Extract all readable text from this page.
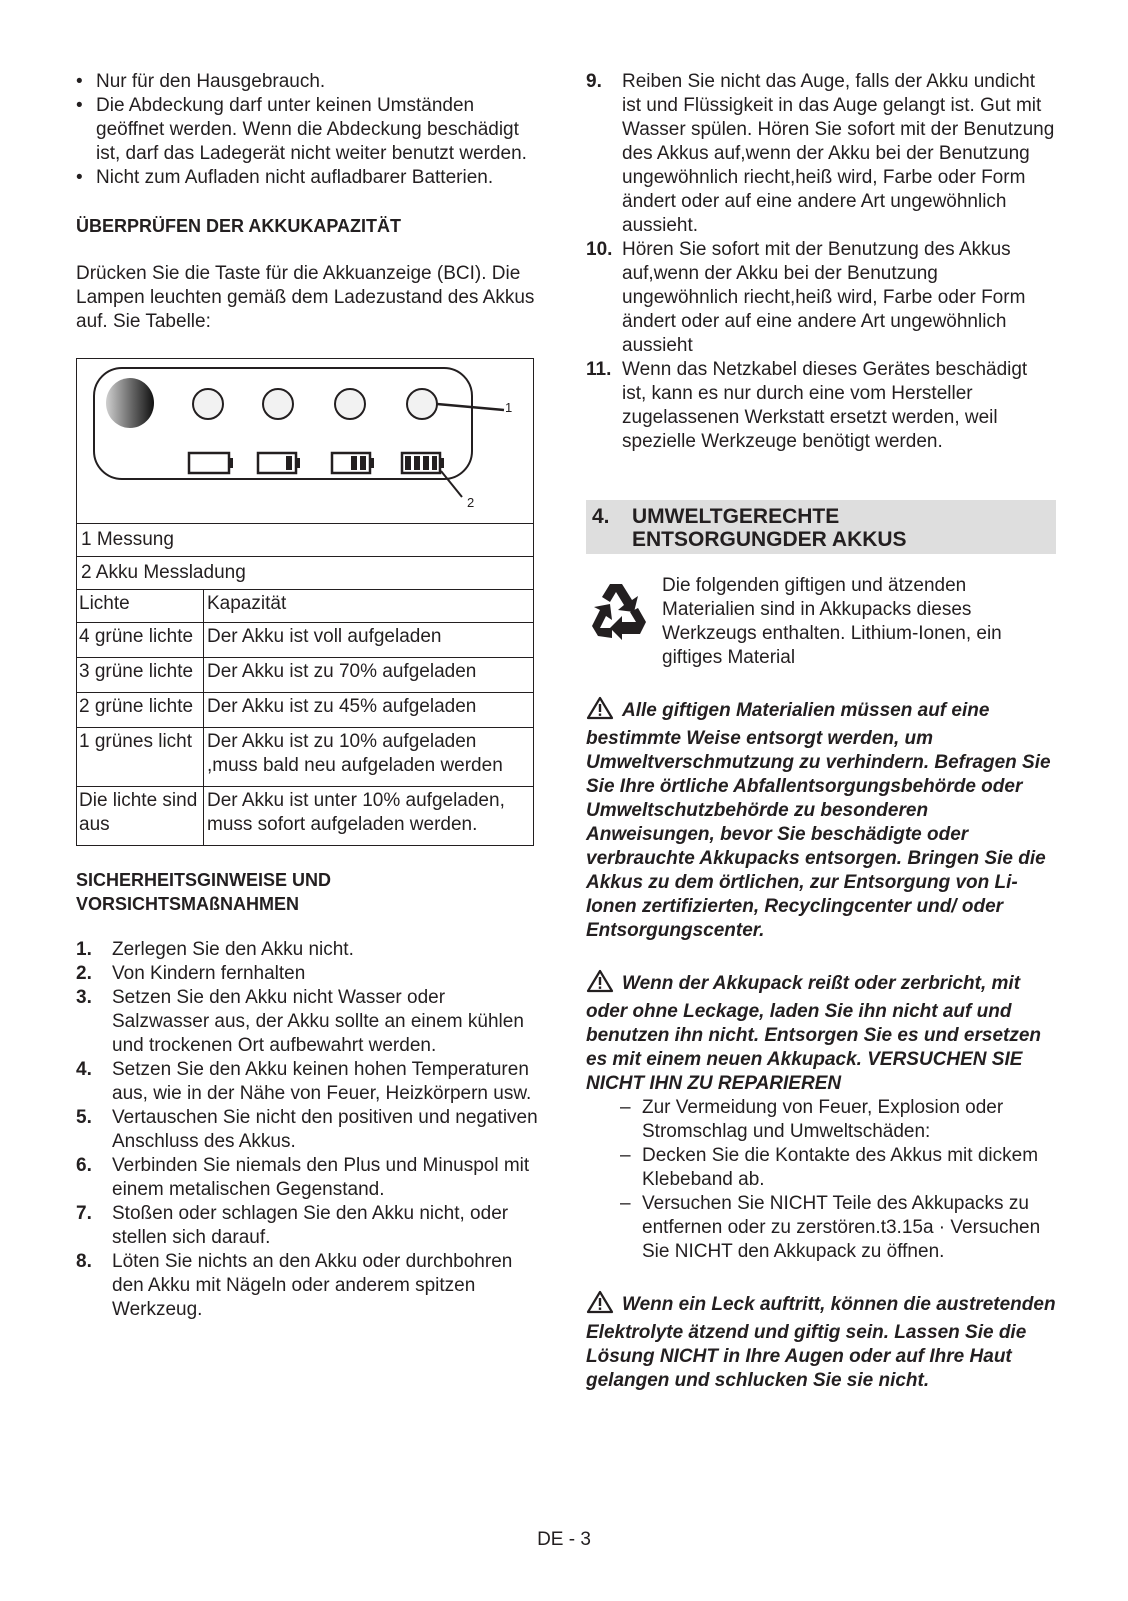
• Nur für den Hausgebrauch.
• Die Abdeckung darf unter keinen Umständen geöffnet werden. Wenn die Abdeckung beschädigt ist, darf das Ladegerät nicht weiter benutzt werden.
• Nicht zum Aufladen nicht aufladbarer Batterien.
ÜBERPRÜFEN DER AKKUKAPAZITÄT

Drücken Sie die Taste für die Akkuanzeige (BCI). Die Lampen leuchten gemäß dem Ladezustand des Akkus auf. Sie Tabelle:

1
2
1 Messung
2 Akku Messladung
Lichte	Kapazität
4 grüne lichte Der Akku ist voll aufgeladen
3 grüne lichte Der Akku ist zu 70% aufgeladen
2 grüne lichte Der Akku ist zu 45% aufgeladen
1 grünes licht Der Akku ist zu 10% aufgeladen ,muss bald neu aufgeladen werden
Die lichte sind aus
Der Akku ist unter 10% aufgeladen, muss sofort aufgeladen werden.
SICHERHEITSGINWEISE UND VORSICHTSMAßNAHMEN
1. Zerlegen Sie den Akku nicht.
2. Von Kindern fernhalten
3. Setzen Sie den Akku nicht Wasser oder Salzwasser aus, der Akku sollte an einem kühlen und trockenen Ort aufbewahrt werden.
4. Setzen Sie den Akku keinen hohen Temperaturen aus, wie in der Nähe von Feuer, Heizkörpern usw.
5. Vertauschen Sie nicht den positiven und negativen Anschluss des Akkus.
6. Verbinden Sie niemals den Plus und Minuspol mit einem metalischen Gegenstand.
7. Stoßen oder schlagen Sie den Akku nicht, oder stellen sich darauf.
8. Löten Sie nichts an den Akku oder durchbohren den Akku mit Nägeln oder anderem spitzen Werkzeug.
9. Reiben Sie nicht das Auge, falls der Akku undicht ist und Flüssigkeit in das Auge gelangt ist. Gut mit Wasser spülen. Hören Sie sofort mit der Benutzung des Akkus auf,wenn der Akku bei der Benutzung ungewöhnlich riecht,heiß wird, Farbe oder Form ändert oder auf eine andere Art ungewöhnlich aussieht.
10. Hören Sie sofort mit der Benutzung des Akkus auf,wenn der Akku bei der Benutzung ungewöhnlich riecht,heiß wird, Farbe oder Form ändert oder auf eine andere Art ungewöhnlich aussieht
11. Wenn das Netzkabel dieses Gerätes beschädigt ist, kann es nur durch eine vom Hersteller zugelassenen Werkstatt ersetzt werden, weil spezielle Werkzeuge benötigt werden.
4. UMWELTGERECHTE
ENTSORGUNGDER AKKUS
Die folgenden giftigen und ätzenden Materialien sind in Akkupacks dieses Werkzeugs enthalten. Lithium-Ionen, ein giftiges Material

Alle giftigen Materialien müssen auf eine bestimmte Weise entsorgt werden, um Umweltverschmutzung zu verhindern. Befragen Sie Sie Ihre örtliche Abfallentsorgungsbehörde oder Umweltschutzbehörde zu besonderen Anweisungen, bevor Sie beschädigte oder verbrauchte Akkupacks entsorgen. Bringen Sie die Akkus zu dem örtlichen, zur Entsorgung von Li-Ionen zertifizierten, Recyclingcenter und/ oder Entsorgungscenter.

Wenn der Akkupack reißt oder zerbricht, mit oder ohne Leckage, laden Sie ihn nicht auf und benutzen ihn nicht. Entsorgen Sie es und ersetzen es mit einem neuen Akkupack. VERSUCHEN SIE NICHT IHN ZU REPARIEREN

– Zur Vermeidung von Feuer, Explosion oder Stromschlag und Umweltschäden:
– Decken Sie die Kontakte des Akkus mit dickem Klebeband ab.
– Versuchen Sie NICHT Teile des Akkupacks zu entfernen oder zu zerstören.t3.15a · Versuchen Sie NICHT den Akkupack zu öffnen.

Wenn ein Leck auftritt, können die austretenden Elektrolyte ätzend und giftig sein. Lassen Sie die Lösung NICHT in Ihre Augen oder auf Ihre Haut gelangen und schlucken Sie sie nicht.

DE - 3
